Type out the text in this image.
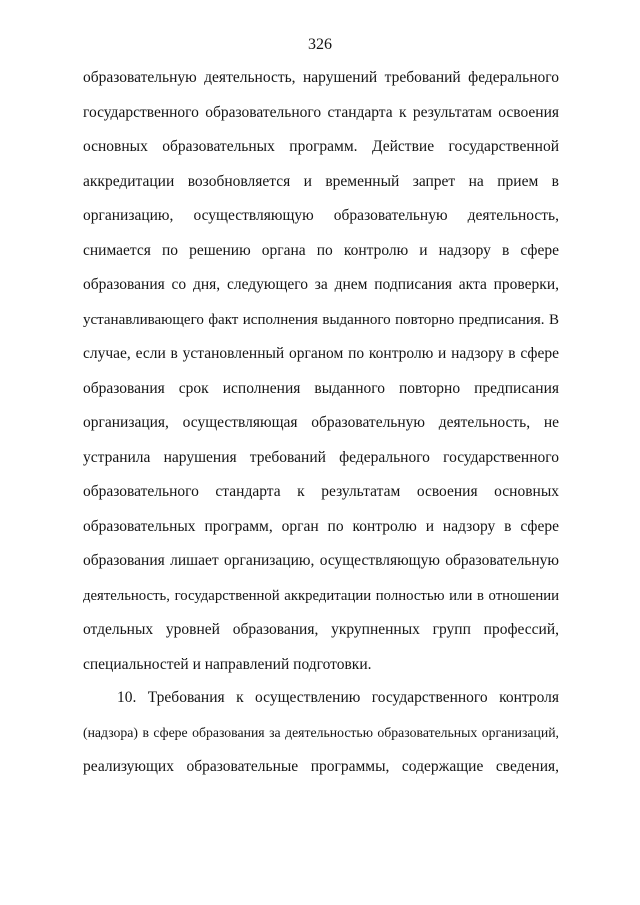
326
образовательную деятельность, нарушений требований федерального
государственного образовательного стандарта к результатам освоения
основных образовательных программ. Действие государственной
аккредитации возобновляется и временный запрет на прием в
организацию, осуществляющую образовательную деятельность,
снимается по решению органа по контролю и надзору в сфере
образования со дня, следующего за днем подписания акта проверки,
устанавливающего факт исполнения выданного повторно предписания. В
случае, если в установленный органом по контролю и надзору в сфере
образования срок исполнения выданного повторно предписания
организация, осуществляющая образовательную деятельность, не
устранила нарушения требований федерального государственного
образовательного стандарта к результатам освоения основных
образовательных программ, орган по контролю и надзору в сфере
образования лишает организацию, осуществляющую образовательную
деятельность, государственной аккредитации полностью или в отношении
отдельных уровней образования, укрупненных групп профессий,
специальностей и направлений подготовки.
10. Требования к осуществлению государственного контроля
(надзора) в сфере образования за деятельностью образовательных организаций,
реализующих образовательные программы, содержащие сведения,
